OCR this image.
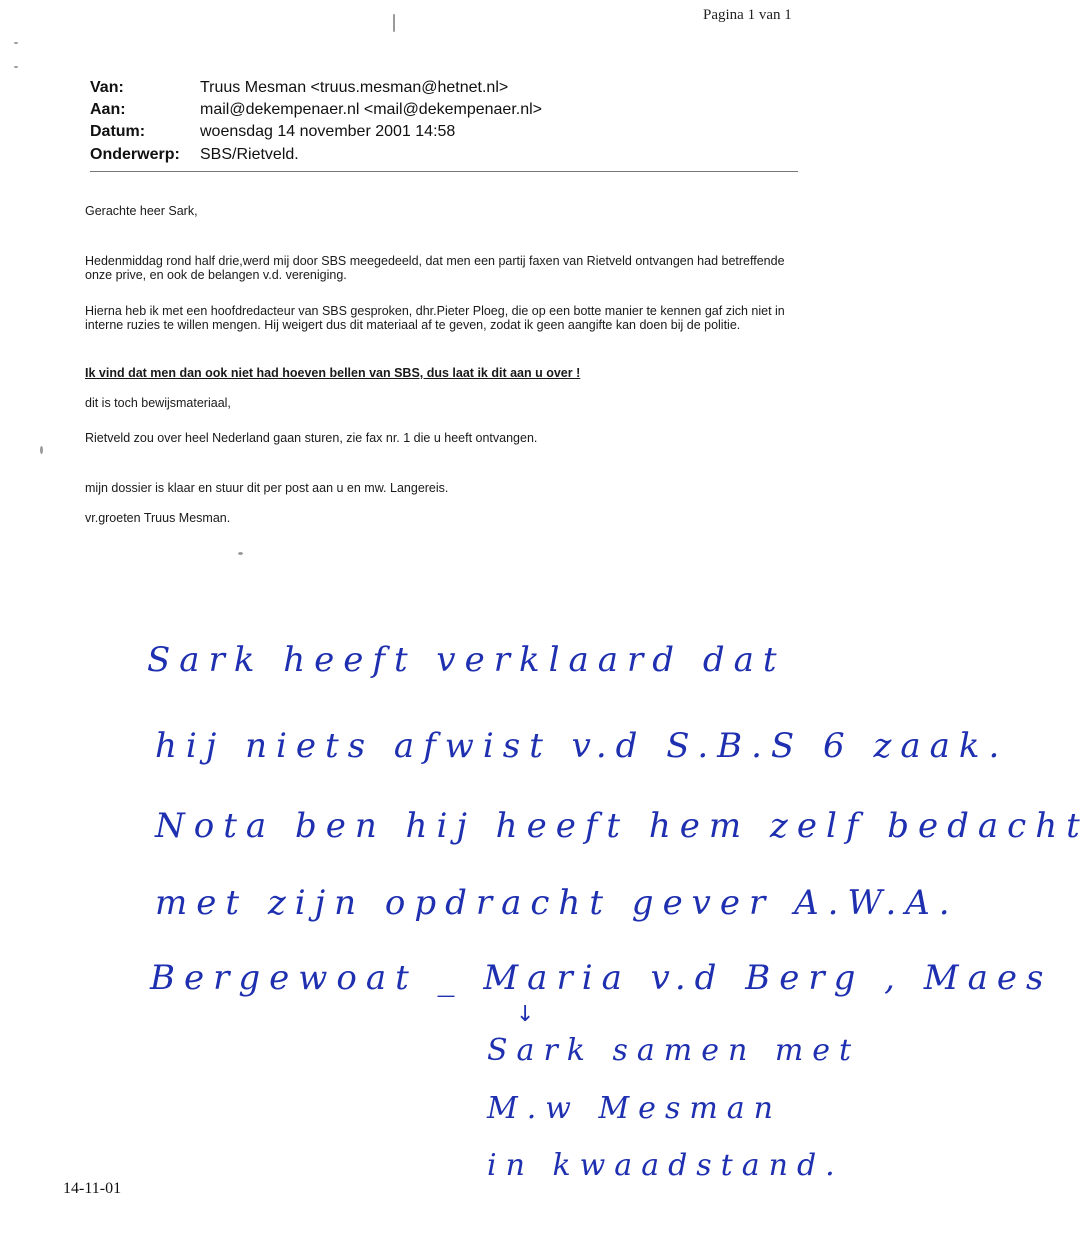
Pagina 1 van 1
Van:	Truus Mesman <truus.mesman@hetnet.nl>
Aan:	mail@dekempenaer.nl <mail@dekempenaer.nl>
Datum:	woensdag 14 november 2001 14:58
Onderwerp: SBS/Rietveld.
Gerachte heer Sark,
Hedenmiddag rond half drie,werd mij door SBS meegedeeld, dat men een partij faxen van Rietveld ontvangen had betreffende onze prive, en ook de belangen v.d. vereniging.
Hierna heb ik met een hoofdredacteur van SBS gesproken, dhr.Pieter Ploeg, die op een botte manier te kennen gaf zich niet in interne ruzies te willen mengen. Hij weigert dus dit materiaal af te geven, zodat ik geen aangifte kan doen bij de politie.
Ik vind dat men dan ook niet had hoeven bellen van SBS, dus laat ik dit aan u over !
dit is toch bewijsmateriaal,
Rietveld zou over heel Nederland gaan sturen, zie fax nr. 1 die u heeft ontvangen.
mijn dossier is klaar en stuur dit per post aan u en mw. Langereis.
vr.groeten Truus Mesman.
Sark heeft verklaard dat
hij niets afwist v.d S.B.S 6 zaak.
Nota ben hij heeft hem zelf bedacht
met zijn opdracht gever A.W.A.
Bergewoat _ Maria v.d Berg , Maes
↓
Sark samen met
M.w Mesman
in kwaadstand.
14-11-01
